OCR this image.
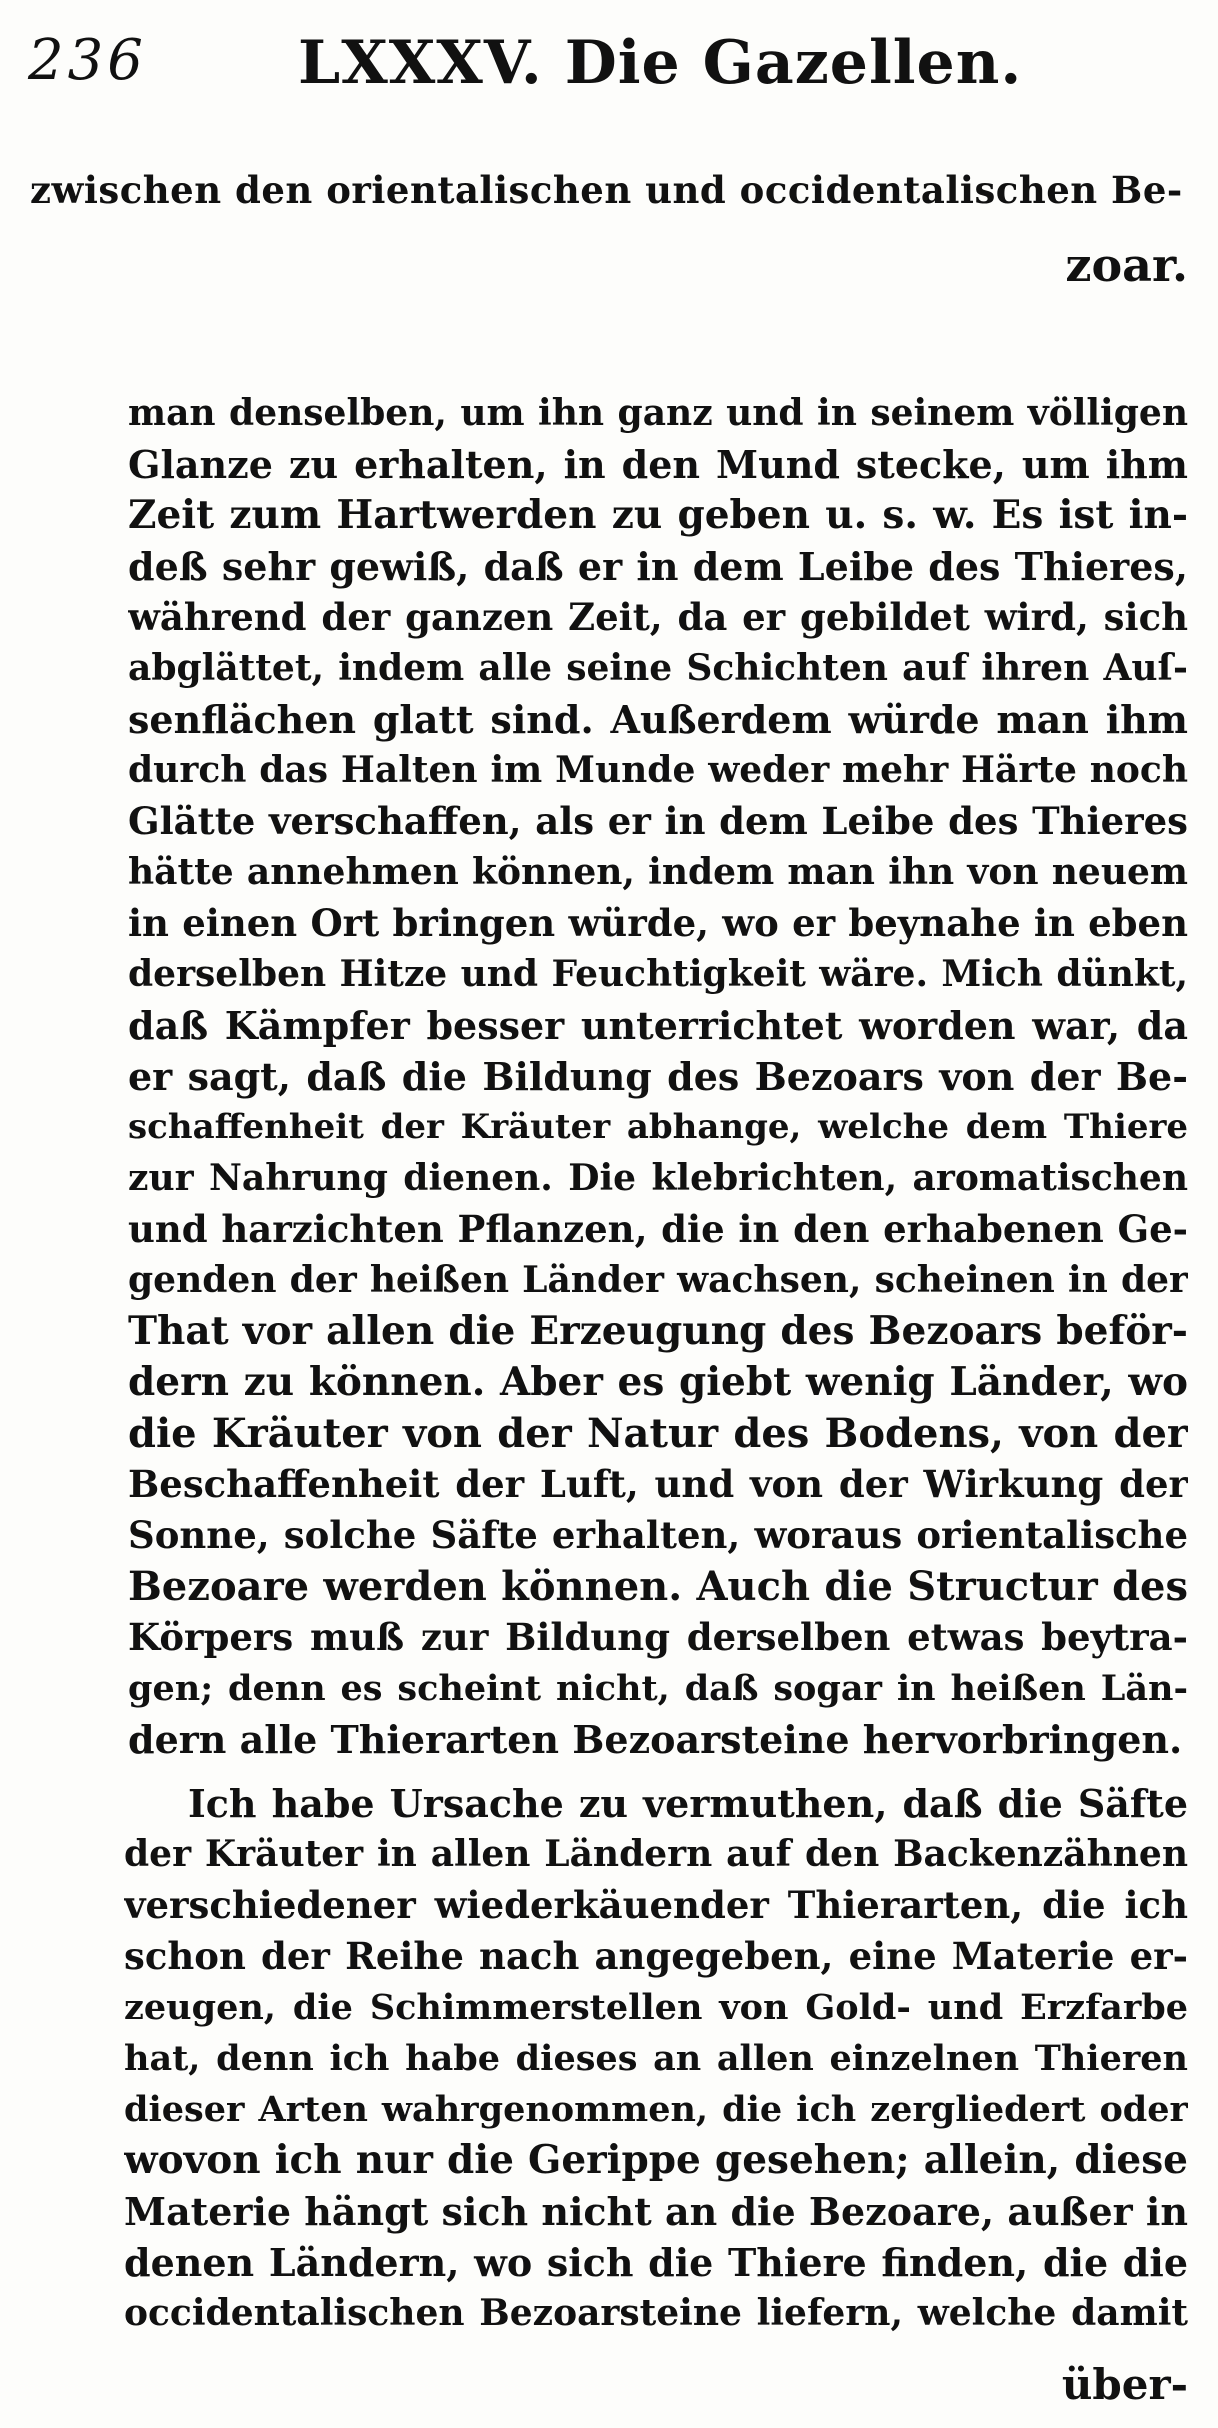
236	LXXXV. Die Gazellen.
zwischen den orientalischen und occidentalischen Be-
zoar.
man denselben, um ihn ganz und in seinem völligen
Glanze zu erhalten, in den Mund stecke, um ihm
Zeit zum Hartwerden zu geben u. s. w. Es ist in-
deß sehr gewiß, daß er in dem Leibe des Thieres,
während der ganzen Zeit, da er gebildet wird, sich
abglättet, indem alle seine Schichten auf ihren Auſ-
senflächen glatt sind. Außerdem würde man ihm
durch das Halten im Munde weder mehr Härte noch
Glätte verschaffen, als er in dem Leibe des Thieres
hätte annehmen können, indem man ihn von neuem
in einen Ort bringen würde, wo er beynahe in eben
derselben Hitze und Feuchtigkeit wäre. Mich dünkt,
daß Kämpfer besser unterrichtet worden war, da
er sagt, daß die Bildung des Bezoars von der Be-
schaffenheit der Kräuter abhange, welche dem Thiere
zur Nahrung dienen. Die klebrichten, aromatischen
und harzichten Pflanzen, die in den erhabenen Ge-
genden der heißen Länder wachsen, scheinen in der
That vor allen die Erzeugung des Bezoars beför-
dern zu können. Aber es giebt wenig Länder, wo
die Kräuter von der Natur des Bodens, von der
Beschaffenheit der Luft, und von der Wirkung der
Sonne, solche Säfte erhalten, woraus orientalische
Bezoare werden können. Auch die Structur des
Körpers muß zur Bildung derselben etwas beytra-
gen; denn es scheint nicht, daß sogar in heißen Län-
dern alle Thierarten Bezoarsteine hervorbringen.
Ich habe Ursache zu vermuthen, daß die Säfte
der Kräuter in allen Ländern auf den Backenzähnen
verschiedener wiederkäuender Thierarten, die ich
schon der Reihe nach angegeben, eine Materie er-
zeugen, die Schimmerstellen von Gold- und Erzfarbe
hat, denn ich habe dieses an allen einzelnen Thieren
dieser Arten wahrgenommen, die ich zergliedert oder
wovon ich nur die Gerippe gesehen; allein, diese
Materie hängt sich nicht an die Bezoare, außer in
denen Ländern, wo sich die Thiere finden, die die
occidentalischen Bezoarsteine liefern, welche damit
über-
